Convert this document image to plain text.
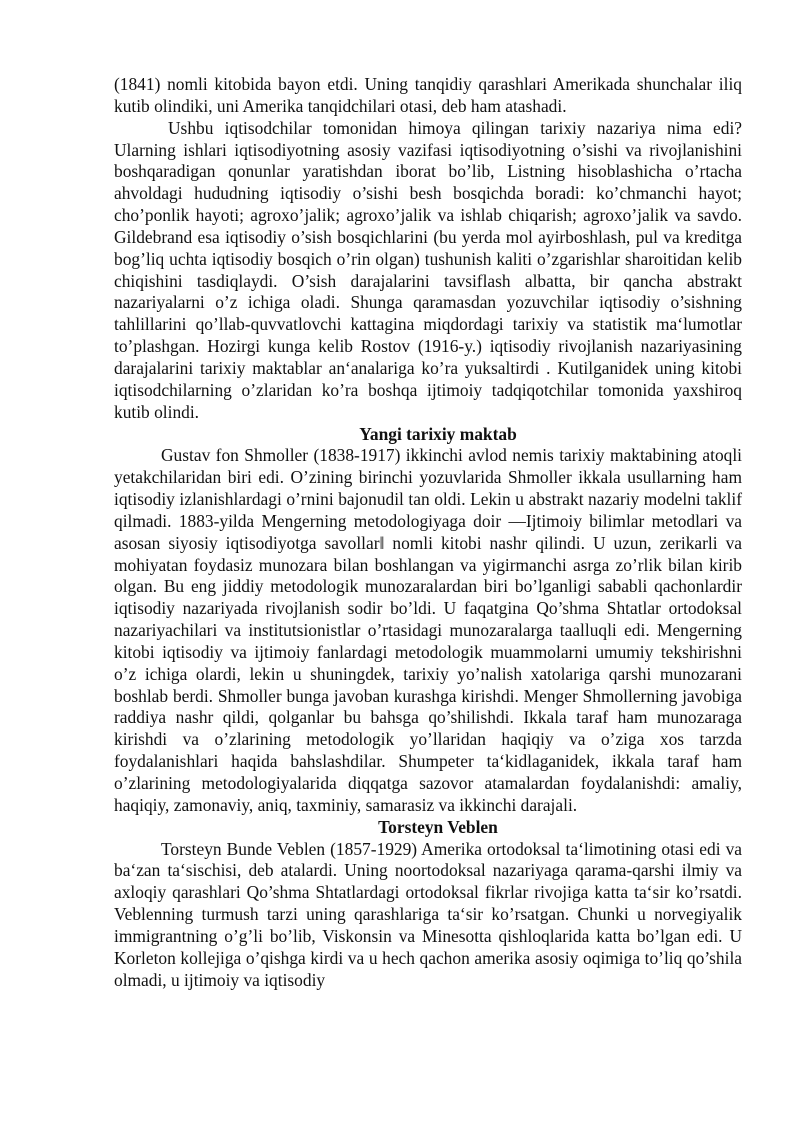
(1841) nomli kitobida bayon etdi. Uning tanqidiy qarashlari Amerikada shunchalar iliq kutib olindiki, uni Amerika tanqidchilari otasi, deb ham atashadi.

Ushbu iqtisodchilar tomonidan himoya qilingan tarixiy nazariya nima edi? Ularning ishlari iqtisodiyotning asosiy vazifasi iqtisodiyotning o’sishi va rivojlanishini boshqaradigan qonunlar yaratishdan iborat bo’lib, Listning hisoblashicha o’rtacha ahvoldagi hududning iqtisodiy o’sishi besh bosqichda boradi: ko’chmanchi hayot; cho’ponlik hayoti; agroxo’jalik; agroxo’jalik va ishlab chiqarish; agroxo’jalik va savdo. Gildebrand esa iqtisodiy o’sish bosqichlarini (bu yerda mol ayirboshlash, pul va kreditga bog’liq uchta iqtisodiy bosqich o’rin olgan) tushunish kaliti o’zgarishlar sharoitidan kelib chiqishini tasdiqlaydi. O’sish darajalarini tavsiflash albatta, bir qancha abstrakt nazariyalarni o’z ichiga oladi. Shunga qaramasdan yozuvchilar iqtisodiy o’sishning tahlillarini qo’llab-quvvatlovchi kattagina miqdordagi tarixiy va statistik ma‘lumotlar to’plashgan. Hozirgi kunga kelib Rostov (1916-y.) iqtisodiy rivojlanish nazariyasining darajalarini tarixiy maktablar an‘analariga ko’ra yuksaltirdi . Kutilganidek uning kitobi iqtisodchilarning o’zlaridan ko’ra boshqa ijtimoiy tadqiqotchilar tomonida yaxshiroq kutib olindi.

Yangi tarixiy maktab

Gustav fon Shmoller (1838-1917) ikkinchi avlod nemis tarixiy maktabining atoqli yetakchilaridan biri edi. O’zining birinchi yozuvlarida Shmoller ikkala usullarning ham iqtisodiy izlanishlardagi o’rnini bajonudil tan oldi. Lekin u abstrakt nazariy modelni taklif qilmadi. 1883-yilda Mengerning metodologiyaga doir ―Ijtimoiy bilimlar metodlari va asosan siyosiy iqtisodiyotga savollar‖ nomli kitobi nashr qilindi. U uzun, zerikarli va mohiyatan foydasiz munozara bilan boshlangan va yigirmanchi asrga zo’rlik bilan kirib olgan. Bu eng jiddiy metodologik munozaralardan biri bo’lganligi sababli qachonlardir iqtisodiy nazariyada rivojlanish sodir bo’ldi. U faqatgina Qo’shma Shtatlar ortodoksal nazariyachilari va institutsionistlar o’rtasidagi munozaralarga taalluqli edi. Mengerning kitobi iqtisodiy va ijtimoiy fanlardagi metodologik muammolarni umumiy tekshirishni o’z ichiga olardi, lekin u shuningdek, tarixiy yo’nalish xatolariga qarshi munozarani boshlab berdi. Shmoller bunga javoban kurashga kirishdi. Menger Shmollerning javobiga raddiya nashr qildi, qolganlar bu bahsga qo’shilishdi. Ikkala taraf ham munozaraga kirishdi va o’zlarining metodologik yo’llaridan haqiqiy va o’ziga xos tarzda foydalanishlari haqida bahslashdilar. Shumpeter ta‘kidlaganidek, ikkala taraf ham o’zlarining metodologiyalarida diqqatga sazovor atamalardan foydalanishdi: amaliy, haqiqiy, zamonaviy, aniq, taxminiy, samarasiz va ikkinchi darajali.

Torsteyn Veblen

Torsteyn Bunde Veblen (1857-1929) Amerika ortodoksal ta‘limotining otasi edi va ba‘zan ta‘sischisi, deb atalardi. Uning noortodoksal nazariyaga qarama-qarshi ilmiy va axloqiy qarashlari Qo’shma Shtatlardagi ortodoksal fikrlar rivojiga katta ta‘sir ko’rsatdi. Veblenning turmush tarzi uning qarashlariga ta‘sir ko’rsatgan. Chunki u norvegiyalik immigrantning o’g’li bo’lib, Viskonsin va Minesotta qishloqlarida katta bo’lgan edi. U Korleton kollejiga o’qishga kirdi va u hech qachon amerika asosiy oqimiga to’liq qo’shila olmadi, u ijtimoiy va iqtisodiy
